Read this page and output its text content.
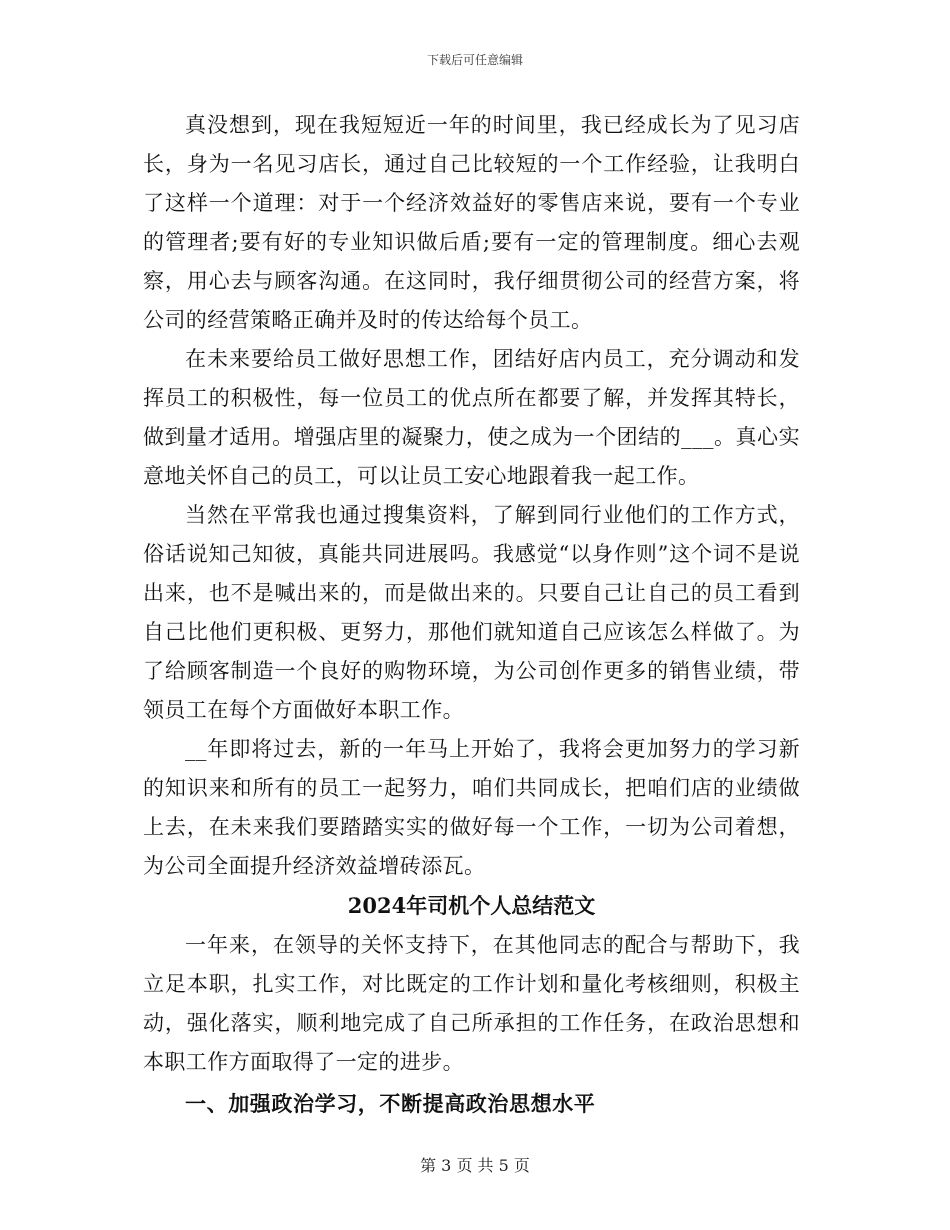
下载后可任意编辑

真没想到，现在我短短近一年的时间里，我已经成长为了见习店长，身为一名见习店长，通过自己比较短的一个工作经验，让我明白了这样一个道理：对于一个经济效益好的零售店来说，要有一个专业的管理者;要有好的专业知识做后盾;要有一定的管理制度。细心去观察，用心去与顾客沟通。在这同时，我仔细贯彻公司的经营方案，将公司的经营策略正确并及时的传达给每个员工。

在未来要给员工做好思想工作，团结好店内员工，充分调动和发挥员工的积极性，每一位员工的优点所在都要了解，并发挥其特长，做到量才适用。增强店里的凝聚力，使之成为一个团结的___。真心实意地关怀自己的员工，可以让员工安心地跟着我一起工作。

当然在平常我也通过搜集资料，了解到同行业他们的工作方式，俗话说知己知彼，真能共同进展吗。我感觉“以身作则”这个词不是说出来，也不是喊出来的，而是做出来的。只要自己让自己的员工看到自己比他们更积极、更努力，那他们就知道自己应该怎么样做了。为了给顾客制造一个良好的购物环境，为公司创作更多的销售业绩，带领员工在每个方面做好本职工作。

__年即将过去，新的一年马上开始了，我将会更加努力的学习新的知识来和所有的员工一起努力，咱们共同成长，把咱们店的业绩做上去，在未来我们要踏踏实实的做好每一个工作，一切为公司着想，为公司全面提升经济效益增砖添瓦。

2024年司机个人总结范文

一年来，在领导的关怀支持下，在其他同志的配合与帮助下，我立足本职，扎实工作，对比既定的工作计划和量化考核细则，积极主动，强化落实，顺利地完成了自己所承担的工作任务，在政治思想和本职工作方面取得了一定的进步。

一、加强政治学习，不断提高政治思想水平

第 3 页 共 5 页
